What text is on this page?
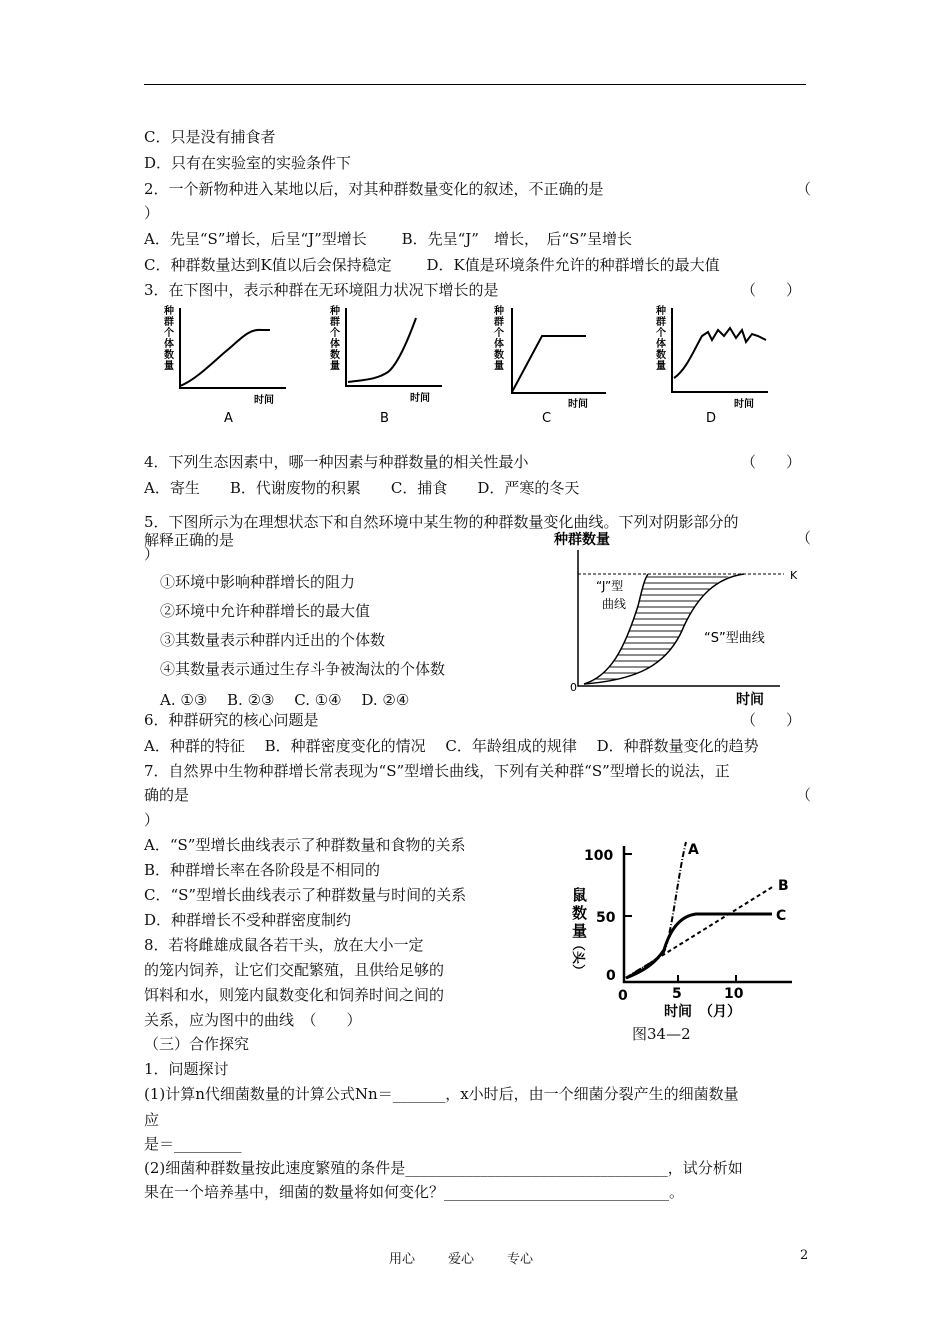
C．只是没有捕食者
D．只有在实验室的实验条件下
2．一个新物种进入某地以后，对其种群数量变化的叙述，不正确的是	（
）
A．先呈“S”增长，后呈“J”型增长　　 B．先呈“J”　增长，　后“S”呈增长
C．种群数量达到K值以后会保持稳定　　 D．K值是环境条件允许的种群增长的最大值
3．在下图中，表示种群在无环境阻力状况下增长的是	（　　）
种群个体数量
时间
A
种群个体数量
时间
B
种群个体数量
时间
C
种群个体数量
时间
D
4．下列生态因素中，哪一种因素与种群数量的相关性最小	（　　）
A．寄生　　B．代谢废物的积累　　C．捕食　　D．严寒的冬天
5．下图所示为在理想状态下和自然环境中某生物的种群数量变化曲线。下列对阴影部分的
解释正确的是	（
）
①环境中影响种群增长的阻力
②环境中允许种群增长的最大值
③其数量表示种群内迁出的个体数
④其数量表示通过生存斗争被淘汰的个体数
A. ①③　 B. ②③　 C. ①④　 D. ②④
种群数量
K
0
“J”型
曲线
“S”型曲线
时间
6．种群研究的核心问题是	（　　）
A．种群的特征　 B．种群密度变化的情况　 C．年龄组成的规律　 D．种群数量变化的趋势
7．自然界中生物种群增长常表现为“S”型增长曲线，下列有关种群“S”型增长的说法，正
确的是	（
）
A．“S”型增长曲线表示了种群数量和食物的关系
B．种群增长率在各阶段是不相同的
C．“S”型增长曲线表示了种群数量与时间的关系
D．种群增长不受种群密度制约
8．若将雌雄成鼠各若干头，放在大小一定
的笼内饲养，让它们交配繁殖，且供给足够的
饵料和水，则笼内鼠数变化和饲养时间之间的
关系，应为图中的曲线　（　　）
100
50
0
0	5	10
鼠
数
量
（头）
A
B
C
时间　（月）
图34—2
（三）合作探究
1．问题探讨
(1)计算n代细菌数量的计算公式Nn＝_______，x小时后，由一个细菌分裂产生的细菌数量
应
是＝_________
(2)细菌种群数量按此速度繁殖的条件是___________________________________，试分析如
果在一个培养基中，细菌的数量将如何变化？______________________________。
用心	爱心	专心	2
